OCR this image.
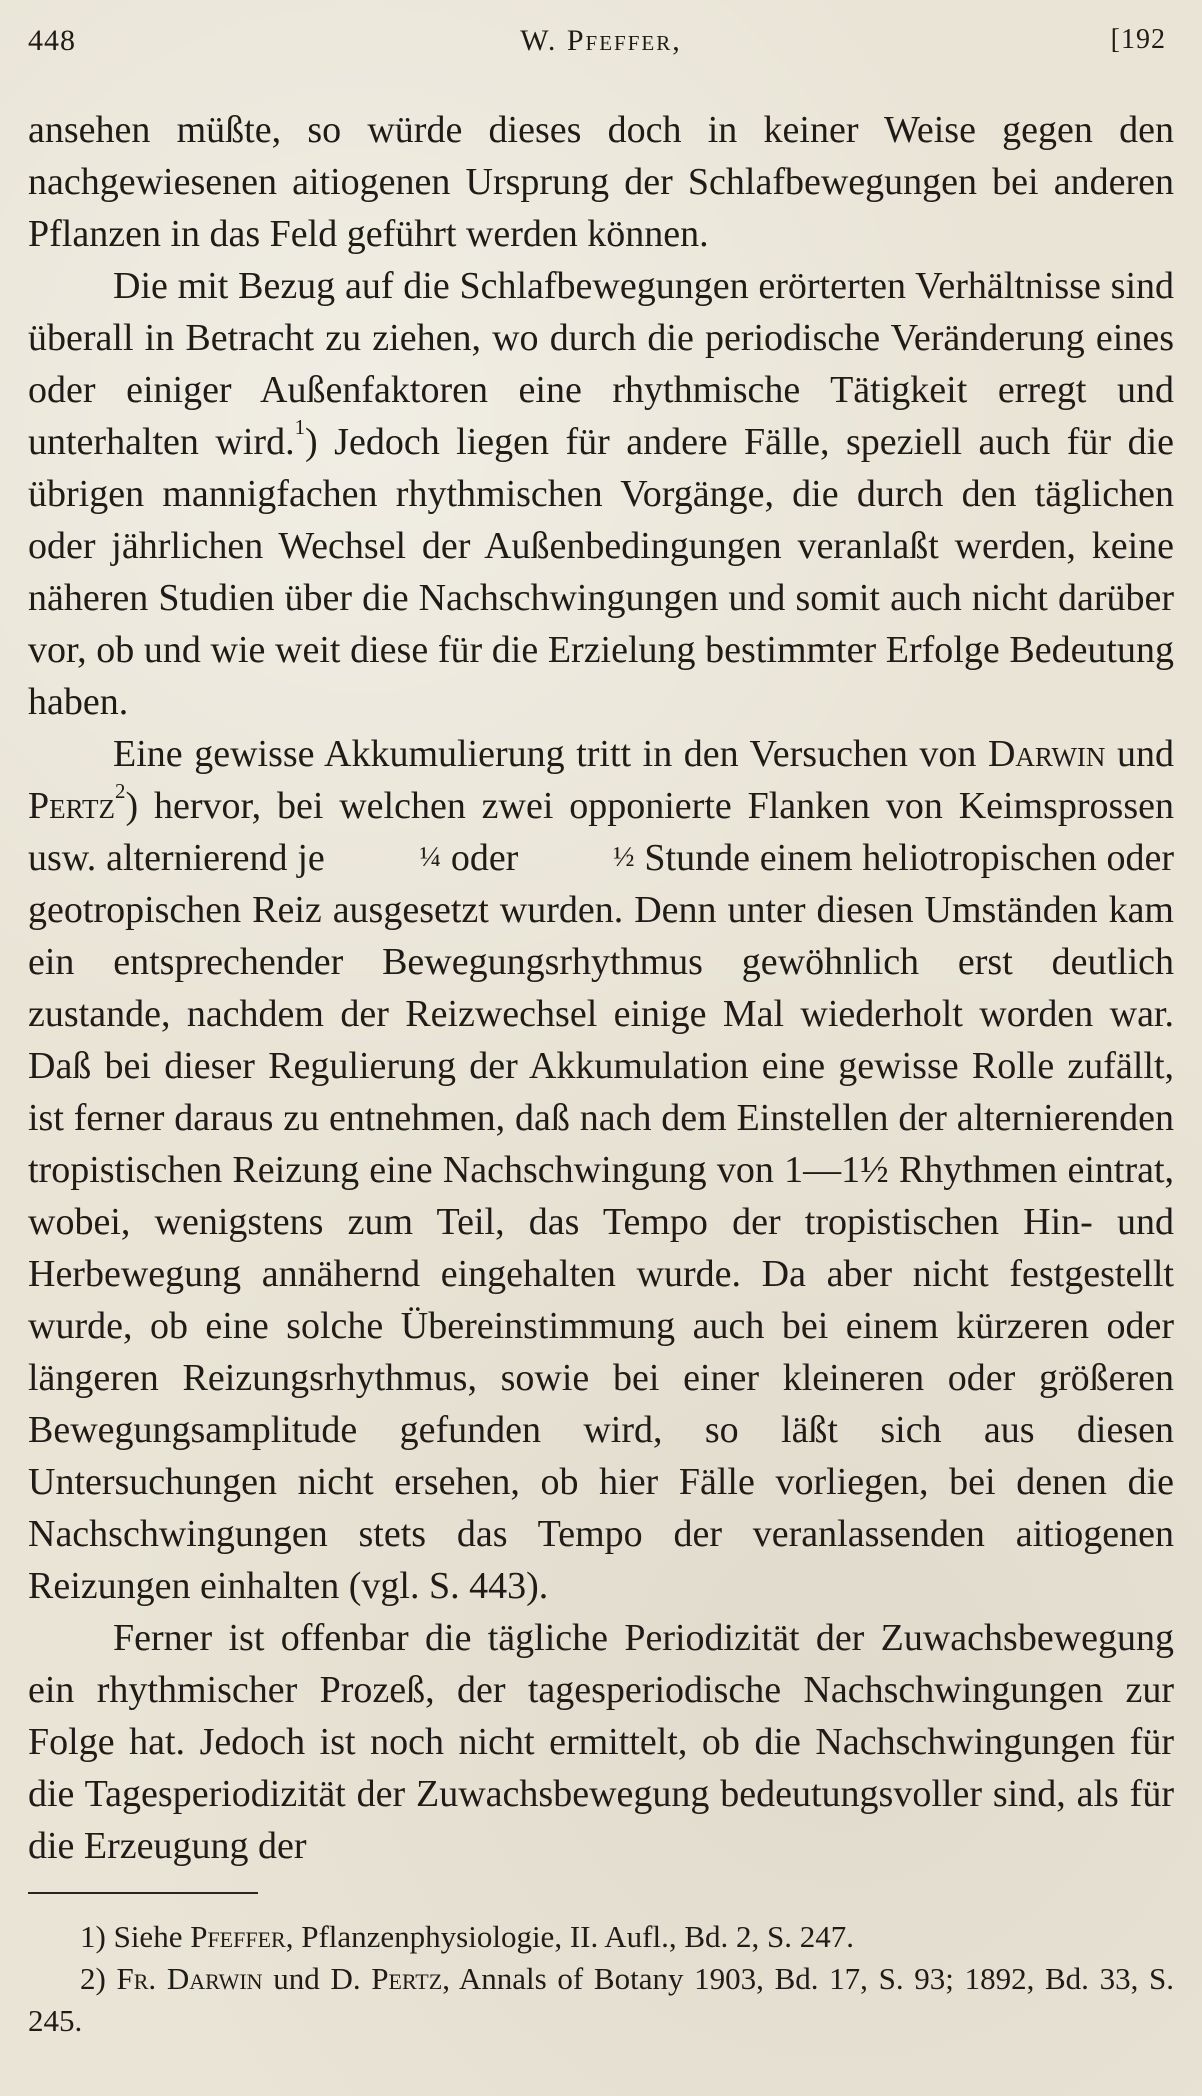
448	W. Pfeffer,	[192

ansehen müßte, so würde dieses doch in keiner Weise gegen den nachgewiesenen aitiogenen Ursprung der Schlafbewegungen bei anderen Pflanzen in das Feld geführt werden können.

Die mit Bezug auf die Schlafbewegungen erörterten Verhältnisse sind überall in Betracht zu ziehen, wo durch die periodische Veränderung eines oder einiger Außenfaktoren eine rhythmische Tätigkeit erregt und unterhalten wird.$^1$) Jedoch liegen für andere Fälle, speziell auch für die übrigen mannigfachen rhythmischen Vorgänge, die durch den täglichen oder jährlichen Wechsel der Außenbedingungen veranlaßt werden, keine näheren Studien über die Nachschwingungen und somit auch nicht darüber vor, ob und wie weit diese für die Erzielung bestimmter Erfolge Bedeutung haben.

Eine gewisse Akkumulierung tritt in den Versuchen von Darwin und Pertz$^2$) hervor, bei welchen zwei opponierte Flanken von Keimsprossen usw. alternierend je	¼ oder	½ Stunde einem heliotropischen oder geotropischen Reiz ausgesetzt wurden. Denn unter diesen Umständen kam ein entsprechender Bewegungsrhythmus gewöhnlich erst deutlich zustande, nachdem der Reizwechsel einige Mal wiederholt worden war. Daß bei dieser Regulierung der Akkumulation eine gewisse Rolle zufällt, ist ferner daraus zu entnehmen, daß nach dem Einstellen der alternierenden tropistischen Reizung eine Nachschwingung von 1—1½ Rhythmen eintrat, wobei, wenigstens zum Teil, das Tempo der tropistischen Hin- und Herbewegung annähernd eingehalten wurde. Da aber nicht festgestellt wurde, ob eine solche Übereinstimmung auch bei einem kürzeren oder längeren Reizungsrhythmus, sowie bei einer kleineren oder größeren Bewegungsamplitude gefunden wird, so läßt sich aus diesen Untersuchungen nicht ersehen, ob hier Fälle vorliegen, bei denen die Nachschwingungen stets das Tempo der veranlassenden aitiogenen Reizungen einhalten (vgl. S. 443).

Ferner ist offenbar die tägliche Periodizität der Zuwachsbewegung ein rhythmischer Prozeß, der tagesperiodische Nachschwingungen zur Folge hat. Jedoch ist noch nicht ermittelt, ob die Nachschwingungen für die Tagesperiodizität der Zuwachsbewegung bedeutungsvoller sind, als für die Erzeugung der

1) Siehe Pfeffer, Pflanzenphysiologie, II. Aufl., Bd. 2, S. 247.

2) Fr. Darwin und D. Pertz, Annals of Botany 1903, Bd. 17, S. 93; 1892, Bd. 33, S. 245.
